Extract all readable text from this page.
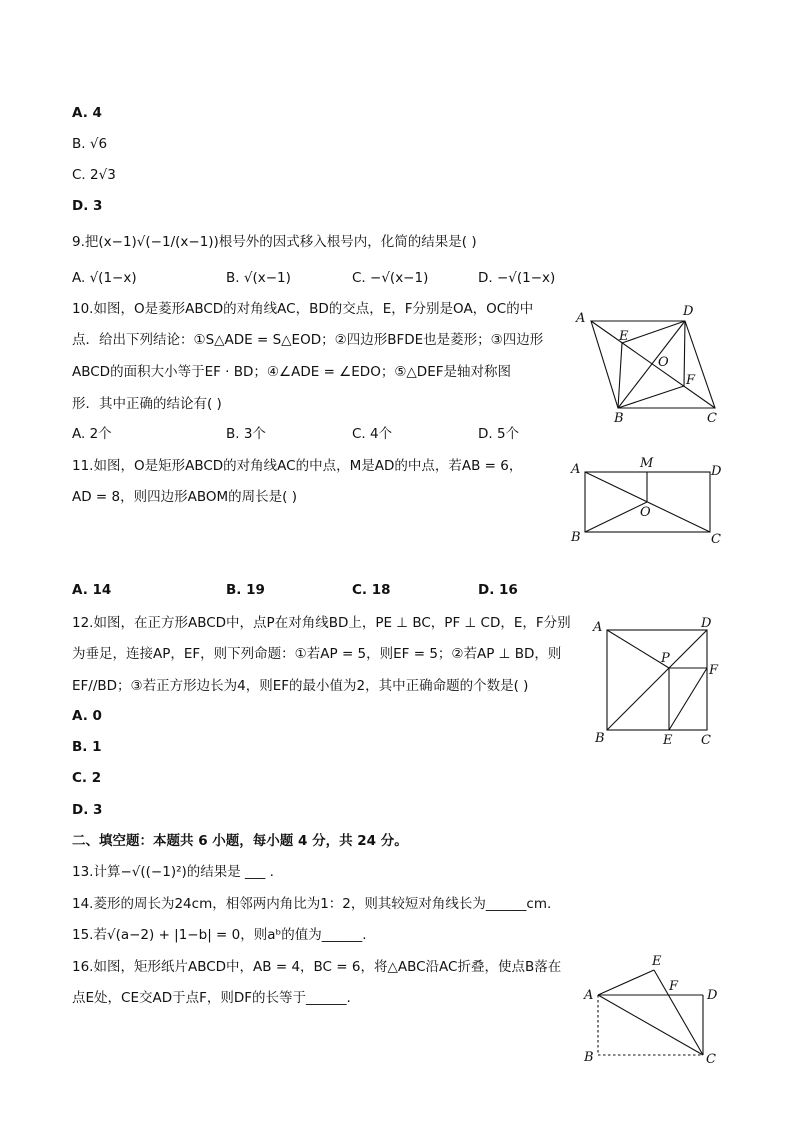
A. 4
B. √6
C. 2√3
D. 3
9.把(x−1)√(−1/(x−1))根号外的因式移入根号内，化简的结果是( )
A. √(1−x)	B. √(x−1)	C. −√(x−1)	D. −√(1−x)
10.如图，O是菱形ABCD的对角线AC，BD的交点，E，F分别是OA，OC的中
点．给出下列结论：①S△ADE = S△EOD；②四边形BFDE也是菱形；③四边形
ABCD的面积大小等于EF · BD；④∠ADE = ∠EDO；⑤△DEF是轴对称图
形．其中正确的结论有( )
A. 2个	B. 3个	C. 4个	D. 5个
A	D
E
O
F
B	C
11.如图，O是矩形ABCD的对角线AC的中点，M是AD的中点，若AB = 6，
AD = 8，则四边形ABOM的周长是( )
A	M
D
O
B	C
A. 14	B. 19	C. 18	D. 16
12.如图，在正方形ABCD中，点P在对角线BD上，PE ⊥ BC，PF ⊥ CD，E，F分别
为垂足，连接AP，EF，则下列命题：①若AP = 5，则EF = 5；②若AP ⊥ BD，则
EF//BD；③若正方形边长为4，则EF的最小值为2，其中正确命题的个数是( )
A. 0
B. 1
C. 2
D. 3
A	D
P
F
B	E C
二、填空题：本题共 6 小题，每小题 4 分，共 24 分。
13.计算−√((−1)²)的结果是 ___ .
14.菱形的周长为24cm，相邻两内角比为1：2，则其较短对角线长为______cm.
15.若√(a−2) + |1−b| = 0，则aᵇ的值为______.
16.如图，矩形纸片ABCD中，AB = 4，BC = 6，将△ABC沿AC折叠，使点B落在
点E处，CE交AD于点F，则DF的长等于______.
E
F
A	D
B	C
